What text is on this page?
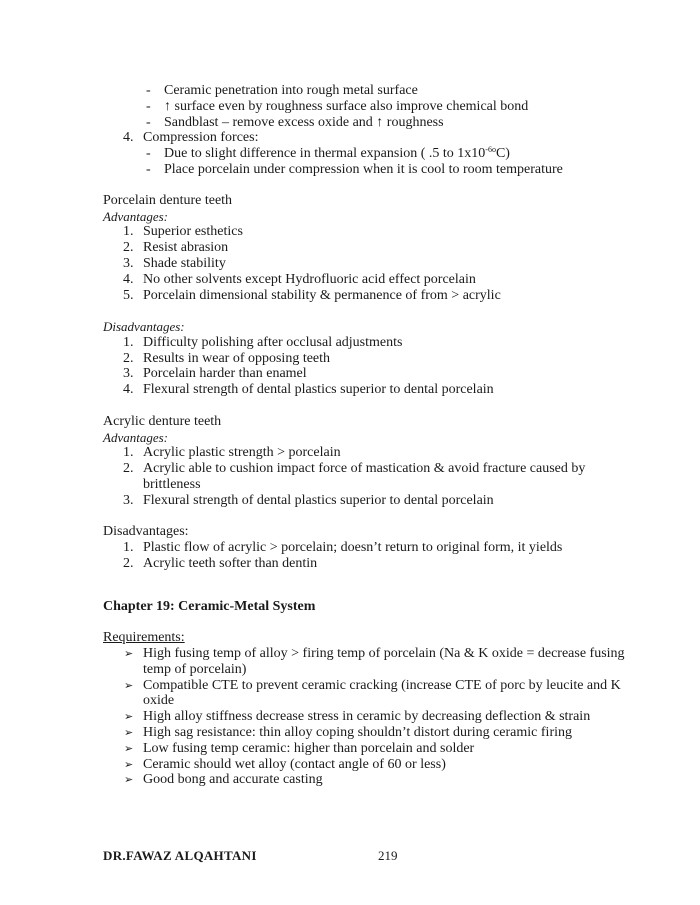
- Ceramic penetration into rough metal surface
- ↑ surface even by roughness surface also improve chemical bond
- Sandblast – remove excess oxide and ↑ roughness
4. Compression forces:
- Due to slight difference in thermal expansion ( .5 to $1x10^{-6o}C$)
- Place porcelain under compression when it is cool to room temperature
Porcelain denture teeth
Advantages:
1. Superior esthetics
2. Resist abrasion
3. Shade stability
4. No other solvents except Hydrofluoric acid effect porcelain
5. Porcelain dimensional stability & permanence of from > acrylic
Disadvantages:
1. Difficulty polishing after occlusal adjustments
2. Results in wear of opposing teeth
3. Porcelain harder than enamel
4. Flexural strength of dental plastics superior to dental porcelain
Acrylic denture teeth
Advantages:
1. Acrylic plastic strength > porcelain
2. Acrylic able to cushion impact force of mastication & avoid fracture caused by
brittleness
3. Flexural strength of dental plastics superior to dental porcelain
Disadvantages:
1. Plastic flow of acrylic > porcelain; doesn’t return to original form, it yields
2. Acrylic teeth softer than dentin
Chapter 19: Ceramic-Metal System
Requirements:
➢ High fusing temp of alloy > firing temp of porcelain (Na & K oxide = decrease fusing
temp of porcelain)
➢ Compatible CTE to prevent ceramic cracking (increase CTE of porc by leucite and K
oxide
➢ High alloy stiffness decrease stress in ceramic by decreasing deflection & strain
➢ High sag resistance: thin alloy coping shouldn’t distort during ceramic firing
➢ Low fusing temp ceramic: higher than porcelain and solder
➢ Ceramic should wet alloy (contact angle of 60 or less)
➢ Good bong and accurate casting
DR.FAWAZ ALQAHTANI	219
